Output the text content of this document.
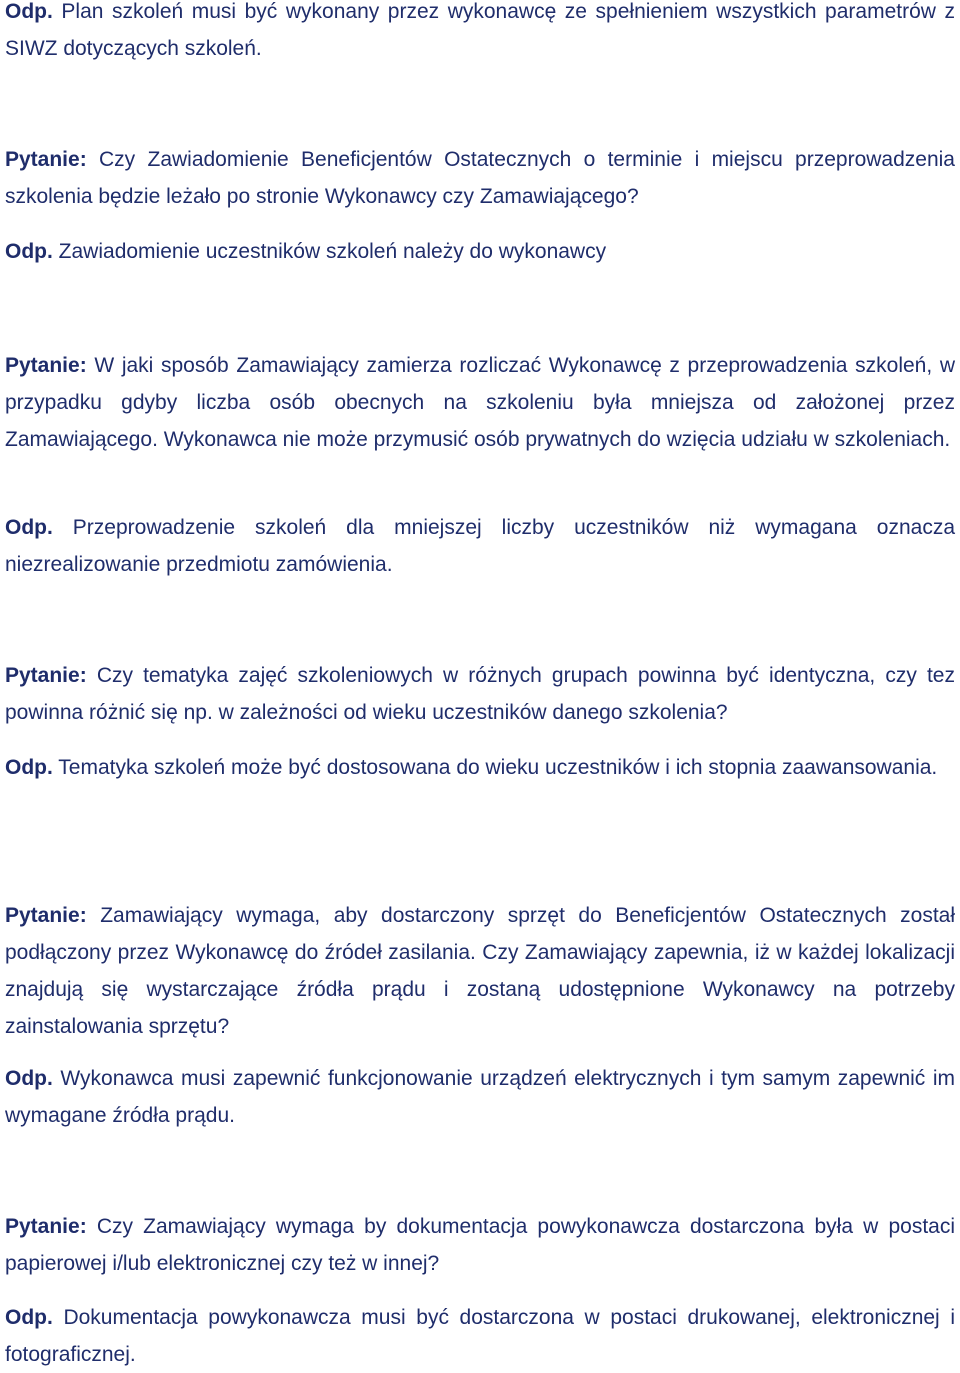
Odp. Plan szkoleń musi być wykonany przez wykonawcę ze spełnieniem wszystkich parametrów z SIWZ dotyczących szkoleń.

Pytanie: Czy Zawiadomienie Beneficjentów Ostatecznych o terminie i miejscu przeprowadzenia szkolenia będzie leżało po stronie Wykonawcy czy Zamawiającego?

Odp. Zawiadomienie uczestników szkoleń należy do wykonawcy

Pytanie: W jaki sposób Zamawiający zamierza rozliczać Wykonawcę z przeprowadzenia szkoleń, w przypadku gdyby liczba osób obecnych na szkoleniu była mniejsza od założonej przez Zamawiającego. Wykonawca nie może przymusić osób prywatnych do wzięcia udziału w szkoleniach.

Odp. Przeprowadzenie szkoleń dla mniejszej liczby uczestników niż wymagana oznacza niezrealizowanie przedmiotu zamówienia.

Pytanie: Czy tematyka zajęć szkoleniowych w różnych grupach powinna być identyczna, czy tez powinna różnić się np. w zależności od wieku uczestników danego szkolenia?

Odp. Tematyka szkoleń może być dostosowana do wieku uczestników i ich stopnia zaawansowania.

Pytanie: Zamawiający wymaga, aby dostarczony sprzęt do Beneficjentów Ostatecznych został podłączony przez Wykonawcę do źródeł zasilania. Czy Zamawiający zapewnia, iż w każdej lokalizacji znajdują się wystarczające źródła prądu i zostaną udostępnione Wykonawcy na potrzeby zainstalowania sprzętu?

Odp. Wykonawca musi zapewnić funkcjonowanie urządzeń elektrycznych i tym samym zapewnić im wymagane źródła prądu.

Pytanie: Czy Zamawiający wymaga by dokumentacja powykonawcza dostarczona była w postaci papierowej i/lub elektronicznej czy też w innej?

Odp. Dokumentacja powykonawcza musi być dostarczona w postaci drukowanej, elektronicznej i fotograficznej.
